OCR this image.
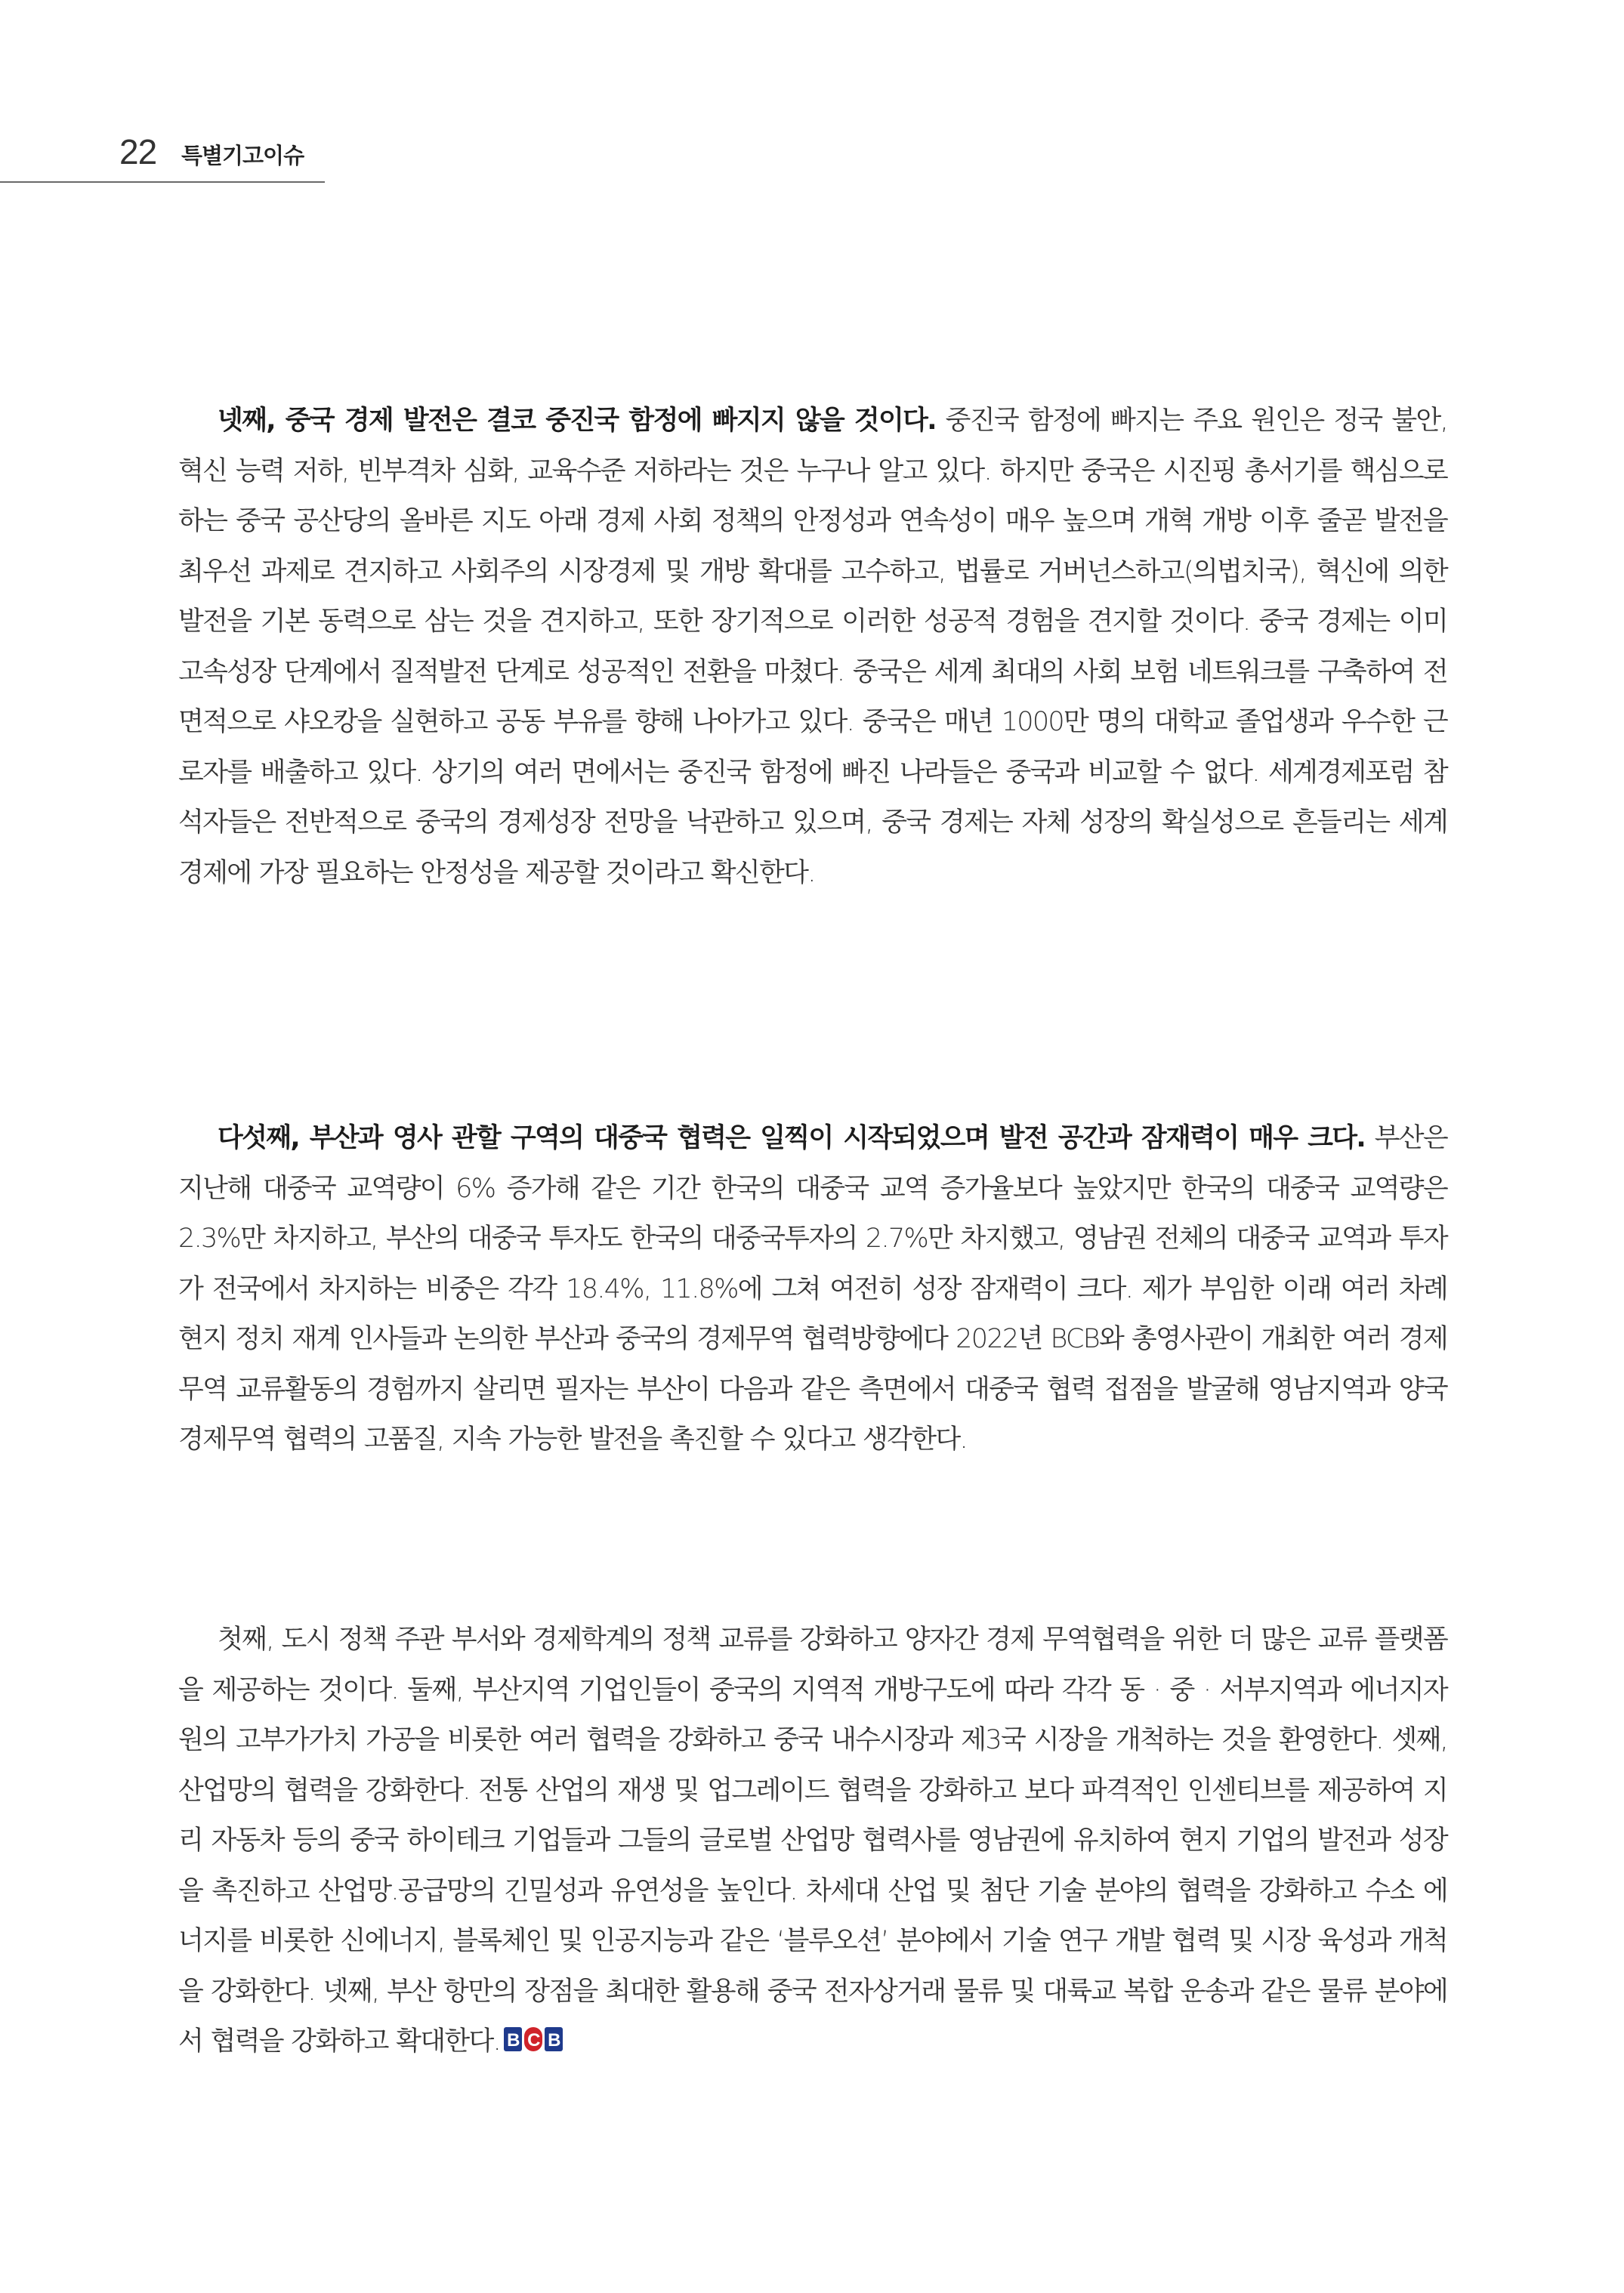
22 특별기고이슈
넷째, 중국 경제 발전은 결코 중진국 함정에 빠지지 않을 것이다. 중진국 함정에 빠지는 주요 원인은 정국 불안, 혁신 능력 저하, 빈부격차 심화, 교육수준 저하라는 것은 누구나 알고 있다. 하지만 중국은 시진핑 총서기를 핵심으로 하는 중국 공산당의 올바른 지도 아래 경제 사회 정책의 안정성과 연속성이 매우 높으며 개혁 개방 이후 줄곧 발전을 최우선 과제로 견지하고 사회주의 시장경제 및 개방 확대를 고수하고, 법률로 거버넌스하고(의법치국), 혁신에 의한 발전을 기본 동력으로 삼는 것을 견지하고, 또한 장기적으로 이러한 성공적 경험을 견지할 것이다. 중국 경제는 이미 고속성장 단계에서 질적발전 단계로 성공적인 전환을 마쳤다. 중국은 세계 최대의 사회 보험 네트워크를 구축하여 전면적으로 샤오캉을 실현하고 공동 부유를 향해 나아가고 있다. 중국은 매년 1000만 명의 대학교 졸업생과 우수한 근로자를 배출하고 있다. 상기의 여러 면에서는 중진국 함정에 빠진 나라들은 중국과 비교할 수 없다. 세계경제포럼 참석자들은 전반적으로 중국의 경제성장 전망을 낙관하고 있으며, 중국 경제는 자체 성장의 확실성으로 흔들리는 세계 경제에 가장 필요하는 안정성을 제공할 것이라고 확신한다.
다섯째, 부산과 영사 관할 구역의 대중국 협력은 일찍이 시작되었으며 발전 공간과 잠재력이 매우 크다. 부산은 지난해 대중국 교역량이 6% 증가해 같은 기간 한국의 대중국 교역 증가율보다 높았지만 한국의 대중국 교역량은 2.3%만 차지하고, 부산의 대중국 투자도 한국의 대중국투자의 2.7%만 차지했고, 영남권 전체의 대중국 교역과 투자가 전국에서 차지하는 비중은 각각 18.4%, 11.8%에 그쳐 여전히 성장 잠재력이 크다. 제가 부임한 이래 여러 차례 현지 정치 재계 인사들과 논의한 부산과 중국의 경제무역 협력방향에다 2022년 BCB와 총영사관이 개최한 여러 경제무역 교류활동의 경험까지 살리면 필자는 부산이 다음과 같은 측면에서 대중국 협력 접점을 발굴해 영남지역과 양국 경제무역 협력의 고품질, 지속 가능한 발전을 촉진할 수 있다고 생각한다.
첫째, 도시 정책 주관 부서와 경제학계의 정책 교류를 강화하고 양자간 경제 무역협력을 위한 더 많은 교류 플랫폼을 제공하는 것이다. 둘째, 부산지역 기업인들이 중국의 지역적 개방구도에 따라 각각 동 · 중 · 서부지역과 에너지자원의 고부가가치 가공을 비롯한 여러 협력을 강화하고 중국 내수시장과 제3국 시장을 개척하는 것을 환영한다. 셋째, 산업망의 협력을 강화한다. 전통 산업의 재생 및 업그레이드 협력을 강화하고 보다 파격적인 인센티브를 제공하여 지리 자동차 등의 중국 하이테크 기업들과 그들의 글로벌 산업망 협력사를 영남권에 유치하여 현지 기업의 발전과 성장을 촉진하고 산업망.공급망의 긴밀성과 유연성을 높인다. 차세대 산업 및 첨단 기술 분야의 협력을 강화하고 수소 에너지를 비롯한 신에너지, 블록체인 및 인공지능과 같은 ‘블루오션’ 분야에서 기술 연구 개발 협력 및 시장 육성과 개척을 강화한다. 넷째, 부산 항만의 장점을 최대한 활용해 중국 전자상거래 물류 및 대륙교 복합 운송과 같은 물류 분야에서 협력을 강화하고 확대한다. B C B
